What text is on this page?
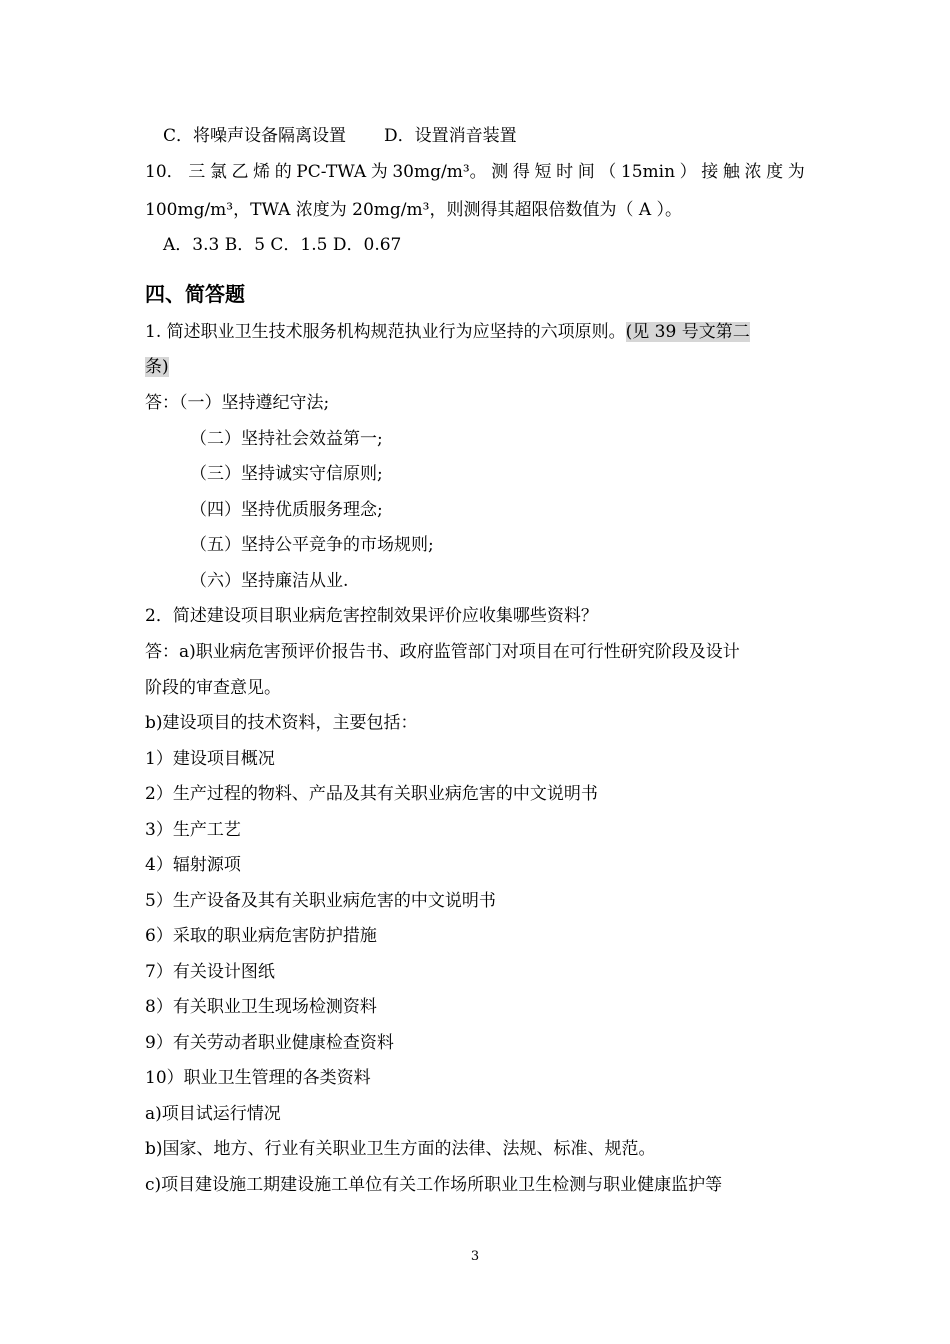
C．将噪声设备隔离设置 D．设置消音装置
10． 三 氯 乙 烯 的 PC-TWA 为 30mg/m³。 测 得 短 时 间 （ 15min ） 接 触 浓 度 为
100mg/m³，TWA 浓度为 20mg/m³，则测得其超限倍数值为（ A ）。
A．3.3 B．5 C．1.5 D．0.67
四、简答题
1. 简述职业卫生技术服务机构规范执业行为应坚持的六项原则。(见 39 号文第二
条)
答：（一）坚持遵纪守法;
（二）坚持社会效益第一;
（三）坚持诚实守信原则;
（四）坚持优质服务理念;
（五）坚持公平竞争的市场规则;
（六）坚持廉洁从业.
2．简述建设项目职业病危害控制效果评价应收集哪些资料？
答：a)职业病危害预评价报告书、政府监管部门对项目在可行性研究阶段及设计
阶段的审查意见。
b)建设项目的技术资料，主要包括：
1）建设项目概况
2）生产过程的物料、产品及其有关职业病危害的中文说明书
3）生产工艺
4）辐射源项
5）生产设备及其有关职业病危害的中文说明书
6）采取的职业病危害防护措施
7）有关设计图纸
8）有关职业卫生现场检测资料
9）有关劳动者职业健康检查资料
10）职业卫生管理的各类资料
a)项目试运行情况
b)国家、地方、行业有关职业卫生方面的法律、法规、标准、规范。
c)项目建设施工期建设施工单位有关工作场所职业卫生检测与职业健康监护等
3
